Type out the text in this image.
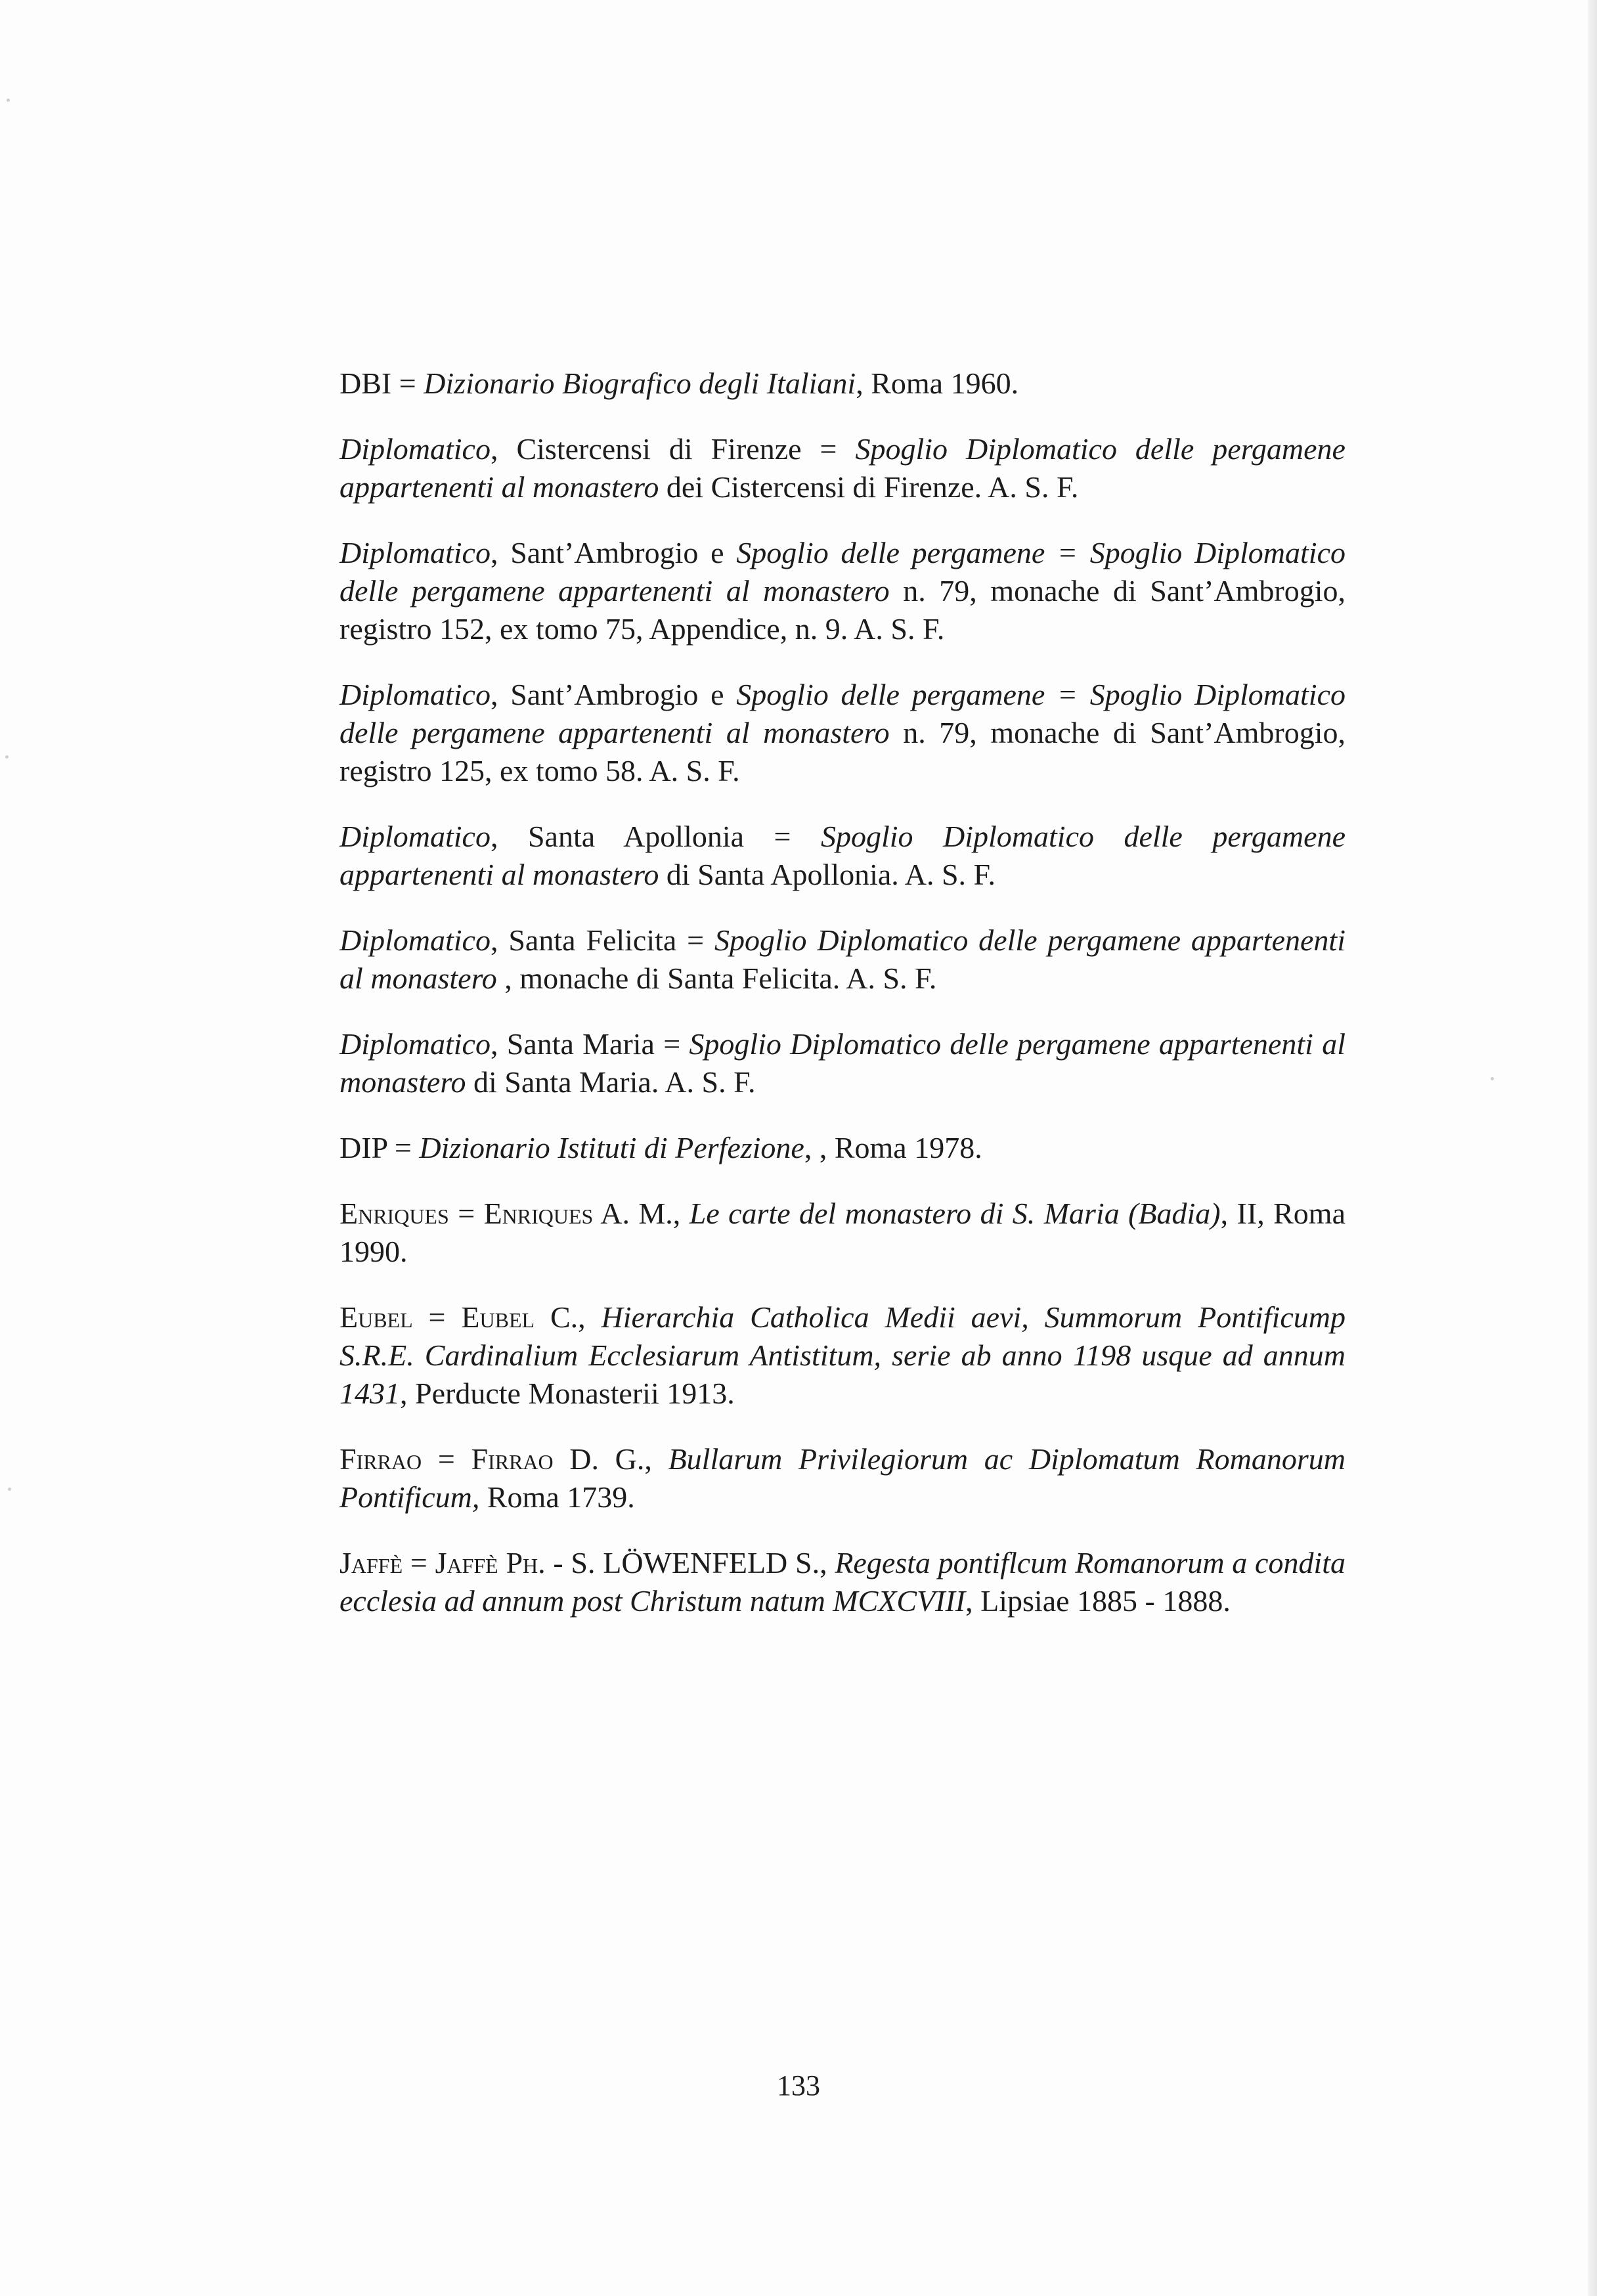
DBI = Dizionario Biografico degli Italiani, Roma 1960.

Diplomatico, Cistercensi di Firenze = Spoglio Diplomatico delle pergamene appartenenti al monastero dei Cistercensi di Firenze. A. S. F.

Diplomatico, Sant’Ambrogio e Spoglio delle pergamene = Spoglio Diplomatico delle pergamene appartenenti al monastero n. 79, monache di Sant’Ambrogio, registro 152, ex tomo 75, Appendice, n. 9. A. S. F.

Diplomatico, Sant’Ambrogio e Spoglio delle pergamene = Spoglio Diplomatico delle pergamene appartenenti al monastero n. 79, monache di Sant’Ambrogio, registro 125, ex tomo 58. A. S. F.

Diplomatico, Santa Apollonia = Spoglio Diplomatico delle pergamene appartenenti al monastero di Santa Apollonia. A. S. F.

Diplomatico, Santa Felicita = Spoglio Diplomatico delle pergamene appartenenti al monastero , monache di Santa Felicita. A. S. F.

Diplomatico, Santa Maria = Spoglio Diplomatico delle pergamene appartenenti al monastero di Santa Maria. A. S. F.

DIP = Dizionario Istituti di Perfezione, , Roma 1978.

Enriques = Enriques A. M., Le carte del monastero di S. Maria (Badia), II, Roma 1990.

Eubel = Eubel C., Hierarchia Catholica Medii aevi, Summorum Pontificump S.R.E. Cardinalium Ecclesiarum Antistitum, serie ab anno 1198 usque ad annum 1431, Perducte Monasterii 1913.

Firrao = Firrao D. G., Bullarum Privilegiorum ac Diplomatum Romanorum Pontificum, Roma 1739.

Jaffè = Jaffè Ph. - S. LÖWENFELD S., Regesta pontiflcum Romanorum a condita ecclesia ad annum post Christum natum MCXCVIII, Lipsiae 1885 - 1888.

133
